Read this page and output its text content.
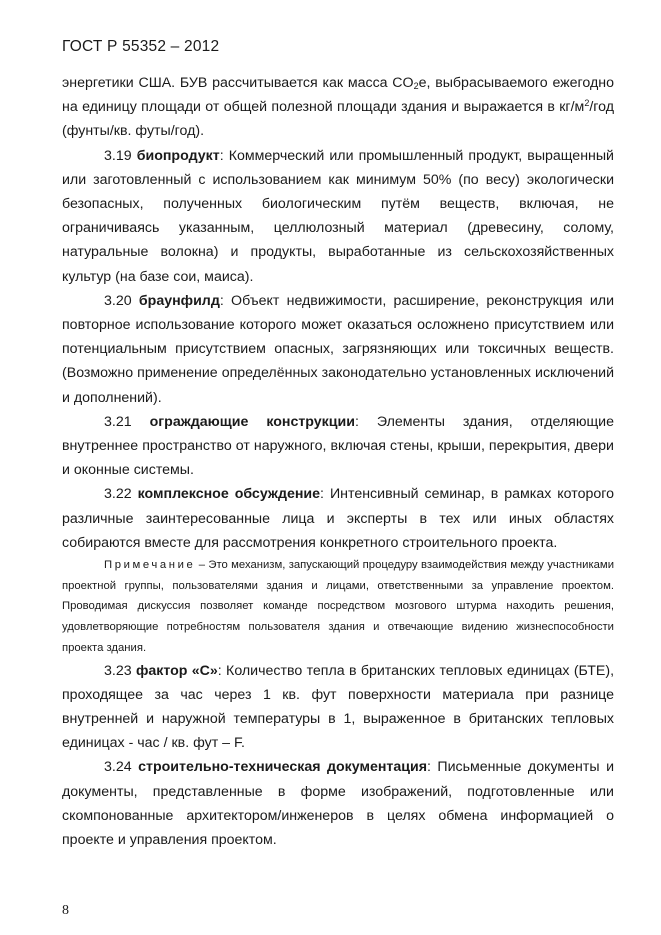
ГОСТ Р 55352 – 2012

энергетики США. БУВ рассчитывается как масса $CO_2е$, выбрасываемого ежегодно на единицу площади от общей полезной площади здания и выражается в $кг/м^2$/год (фунты/кв. футы/год).

3.19 биопродукт: Коммерческий или промышленный продукт, выращенный или заготовленный с использованием как минимум 50% (по весу) экологически безопасных, полученных биологическим путём веществ, включая, не ограничиваясь указанным, целлюлозный материал (древесину, солому, натуральные волокна) и продукты, выработанные из сельскохозяйственных культур (на базе сои, маиса).

3.20 браунфилд: Объект недвижимости, расширение, реконструкция или повторное использование которого может оказаться осложнено присутствием или потенциальным присутствием опасных, загрязняющих или токсичных веществ. (Возможно применение определённых законодательно установленных исключений и дополнений).

3.21 ограждающие конструкции: Элементы здания, отделяющие внутреннее пространство от наружного, включая стены, крыши, перекрытия, двери и оконные системы.

3.22 комплексное обсуждение: Интенсивный семинар, в рамках которого различные заинтересованные лица и эксперты в тех или иных областях собираются вместе для рассмотрения конкретного строительного проекта.

Примечание – Это механизм, запускающий процедуру взаимодействия между участниками проектной группы, пользователями здания и лицами, ответственными за управление проектом. Проводимая дискуссия позволяет команде посредством мозгового штурма находить решения, удовлетворяющие потребностям пользователя здания и отвечающие видению жизнеспособности проекта здания.

3.23 фактор «С»: Количество тепла в британских тепловых единицах (БТЕ), проходящее за час через 1 кв. фут поверхности материала при разнице внутренней и наружной температуры в 1, выраженное в британских тепловых единицах - час / кв. фут – F.

3.24 строительно-техническая документация: Письменные документы и документы, представленные в форме изображений, подготовленные или скомпонованные архитектором/инженеров в целях обмена информацией о проекте и управления проектом.

8
